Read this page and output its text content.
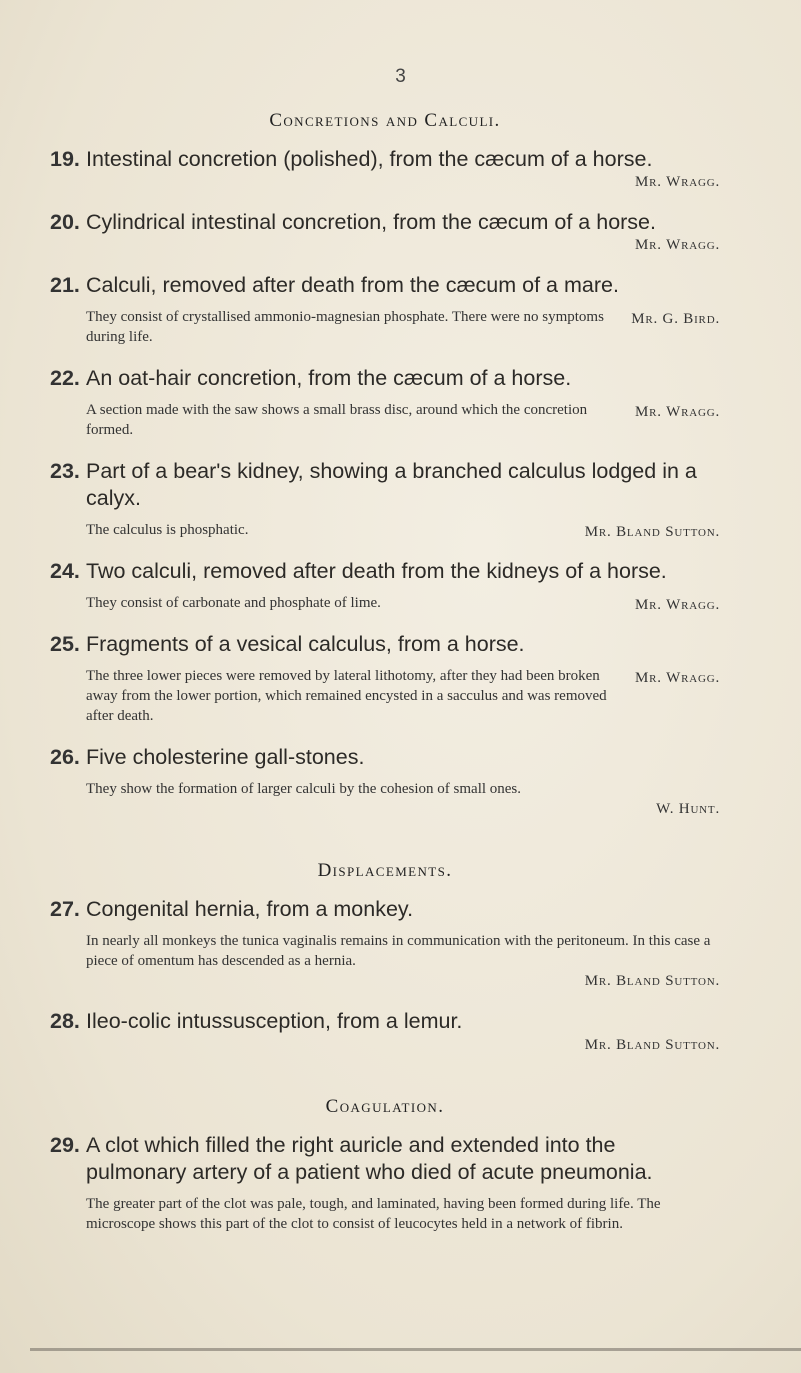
3
Concretions and Calculi.
19. Intestinal concretion (polished), from the cæcum of a horse.
Mr. Wragg.
20. Cylindrical intestinal concretion, from the cæcum of a horse.
Mr. Wragg.
21. Calculi, removed after death from the cæcum of a mare.
Mr. G. Bird.
They consist of crystallised ammonio-magnesian phosphate. There were no symptoms during life.
22. An oat-hair concretion, from the cæcum of a horse.
Mr. Wragg.
A section made with the saw shows a small brass disc, around which the concretion formed.
23. Part of a bear's kidney, showing a branched calculus lodged in a calyx.
Mr. Bland Sutton.
The calculus is phosphatic.
24. Two calculi, removed after death from the kidneys of a horse.
Mr. Wragg.
They consist of carbonate and phosphate of lime.
25. Fragments of a vesical calculus, from a horse.
Mr. Wragg.
The three lower pieces were removed by lateral lithotomy, after they had been broken away from the lower portion, which remained encysted in a sacculus and was removed after death.
26. Five cholesterine gall-stones.
They show the formation of larger calculi by the cohesion of small ones.
W. Hunt.
Displacements.
27. Congenital hernia, from a monkey.
In nearly all monkeys the tunica vaginalis remains in communication with the peritoneum. In this case a piece of omentum has descended as a hernia.
Mr. Bland Sutton.
28. Ileo-colic intussusception, from a lemur.
Mr. Bland Sutton.
Coagulation.
29. A clot which filled the right auricle and extended into the pulmonary artery of a patient who died of acute pneumonia.
The greater part of the clot was pale, tough, and laminated, having been formed during life. The microscope shows this part of the clot to consist of leucocytes held in a network of fibrin.
